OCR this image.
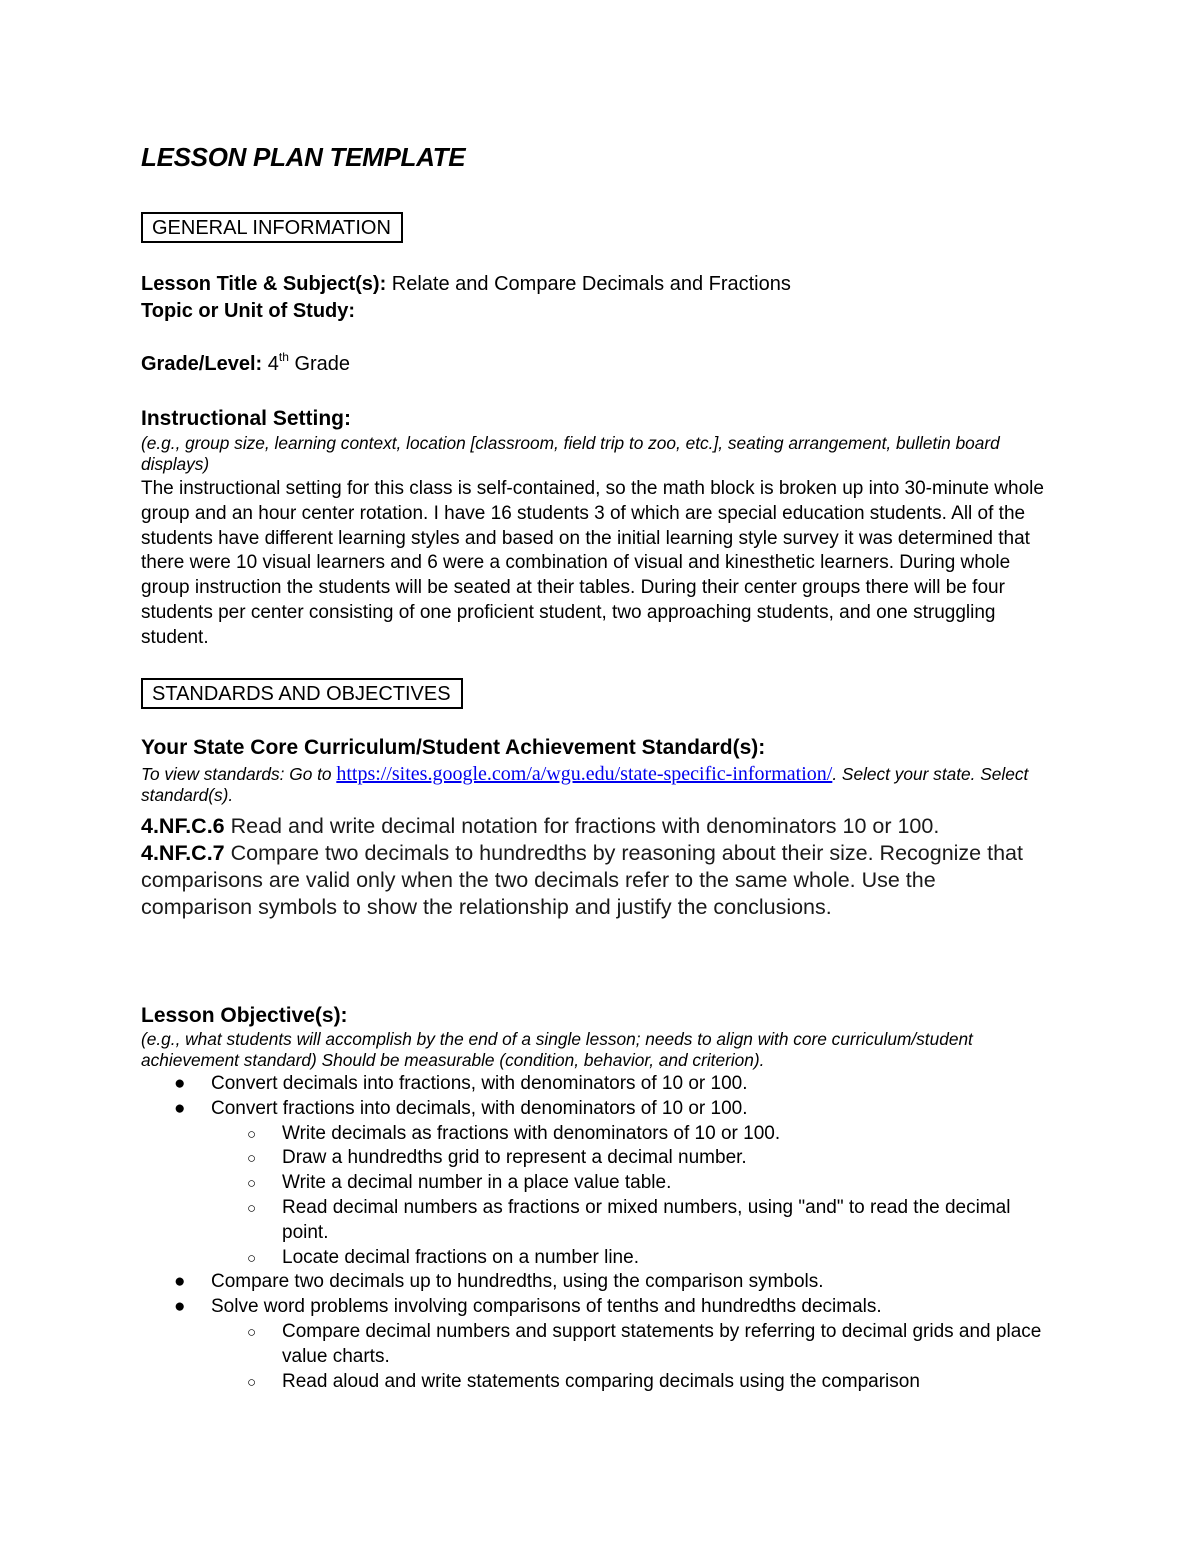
LESSON PLAN TEMPLATE
GENERAL INFORMATION
Lesson Title & Subject(s): Relate and Compare Decimals and Fractions
Topic or Unit of Study:
Grade/Level: 4th Grade
Instructional Setting:
(e.g., group size, learning context, location [classroom, field trip to zoo, etc.], seating arrangement, bulletin board displays)
The instructional setting for this class is self-contained, so the math block is broken up into 30-minute whole group and an hour center rotation. I have 16 students 3 of which are special education students. All of the students have different learning styles and based on the initial learning style survey it was determined that there were 10 visual learners and 6 were a combination of visual and kinesthetic learners. During whole group instruction the students will be seated at their tables. During their center groups there will be four students per center consisting of one proficient student, two approaching students, and one struggling student.
STANDARDS AND OBJECTIVES
Your State Core Curriculum/Student Achievement Standard(s):
To view standards: Go to https://sites.google.com/a/wgu.edu/state-specific-information/. Select your state. Select standard(s).
4.NF.C.6 Read and write decimal notation for fractions with denominators 10 or 100.
4.NF.C.7 Compare two decimals to hundredths by reasoning about their size. Recognize that comparisons are valid only when the two decimals refer to the same whole. Use the comparison symbols to show the relationship and justify the conclusions.
Lesson Objective(s):
(e.g., what students will accomplish by the end of a single lesson; needs to align with core curriculum/student achievement standard) Should be measurable (condition, behavior, and criterion).
● Convert decimals into fractions, with denominators of 10 or 100.
● Convert fractions into decimals, with denominators of 10 or 100.
○ Write decimals as fractions with denominators of 10 or 100.
○ Draw a hundredths grid to represent a decimal number.
○ Write a decimal number in a place value table.
○ Read decimal numbers as fractions or mixed numbers, using "and" to read the decimal point.
○ Locate decimal fractions on a number line.
● Compare two decimals up to hundredths, using the comparison symbols.
● Solve word problems involving comparisons of tenths and hundredths decimals.
○ Compare decimal numbers and support statements by referring to decimal grids and place value charts.
○ Read aloud and write statements comparing decimals using the comparison
